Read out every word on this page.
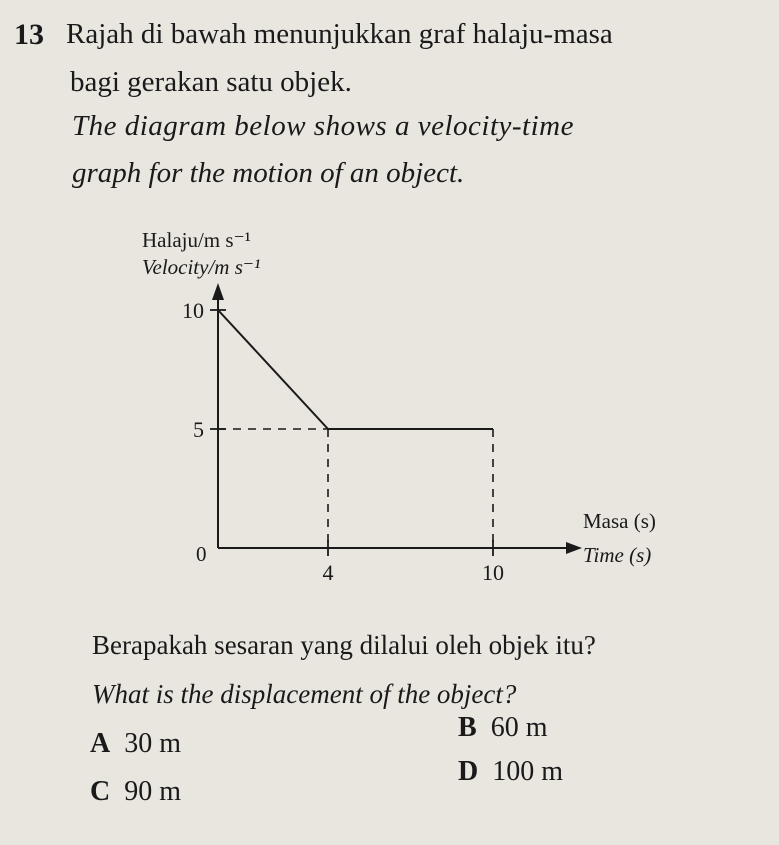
13 Rajah di bawah menunjukkan graf halaju-masa
bagi gerakan satu objek.
The diagram below shows a velocity-time
graph for the motion of an object.
Halaju/m s⁻¹
Velocity/m s⁻¹
Masa (s)
Time (s)
0
5
10
4	10
Berapakah sesaran yang dilalui oleh objek itu?
What is the displacement of the object?
A 30 m
B 60 m
C 90 m
D 100 m
